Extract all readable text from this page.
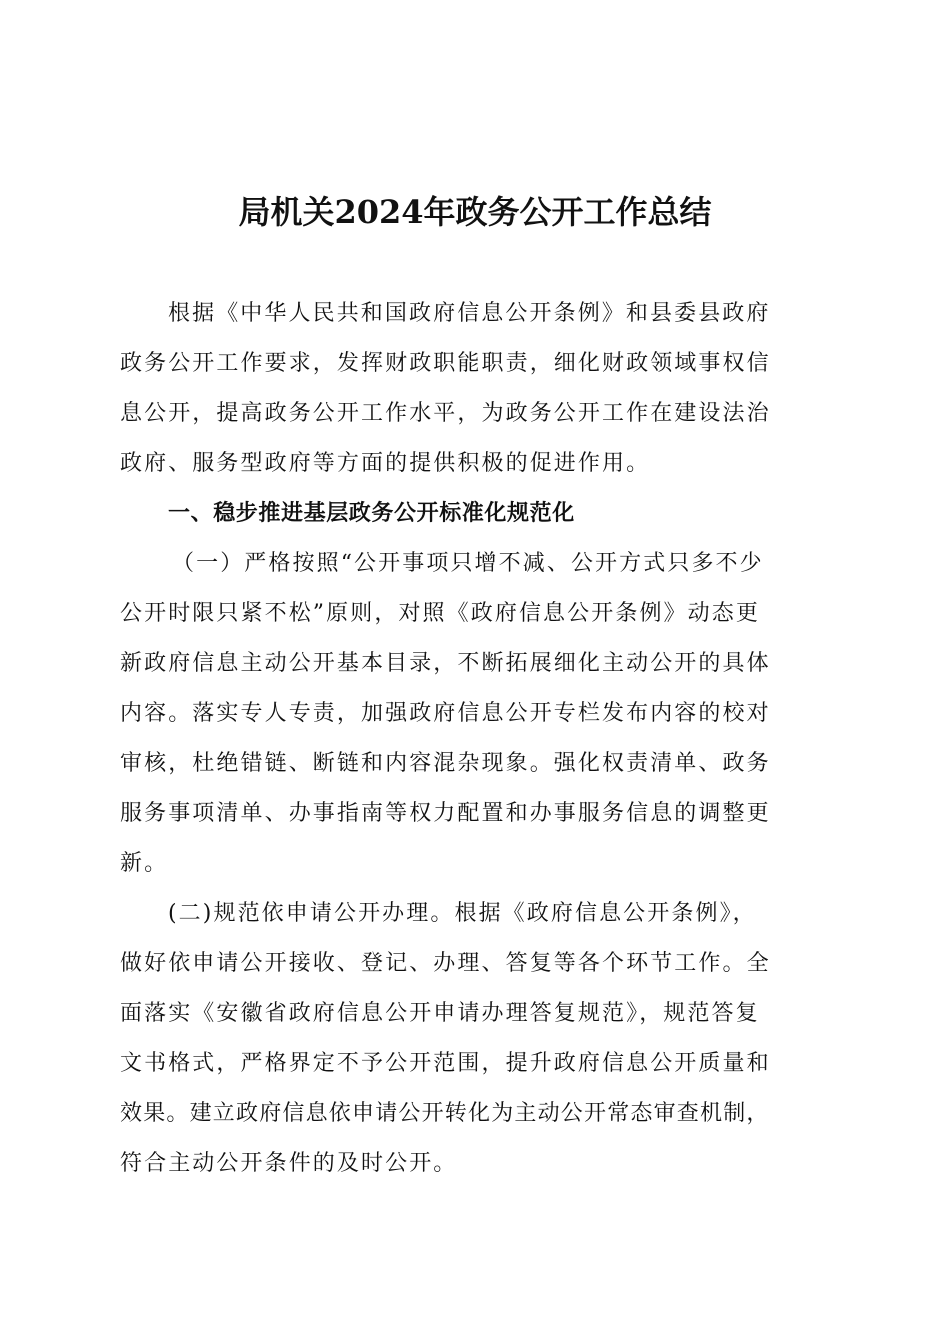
局机关2024年政务公开工作总结
根据《中华人民共和国政府信息公开条例》和县委县政府
政务公开工作要求，发挥财政职能职责，细化财政领域事权信
息公开，提高政务公开工作水平，为政务公开工作在建设法治
政府、服务型政府等方面的提供积极的促进作用。
一、稳步推进基层政务公开标准化规范化
（一）严格按照“公开事项只增不减、公开方式只多不少
公开时限只紧不松”原则，对照《政府信息公开条例》动态更
新政府信息主动公开基本目录，不断拓展细化主动公开的具体
内容。落实专人专责，加强政府信息公开专栏发布内容的校对
审核，杜绝错链、断链和内容混杂现象。强化权责清单、政务
服务事项清单、办事指南等权力配置和办事服务信息的调整更
新。
(二)规范依申请公开办理。根据《政府信息公开条例》，
做好依申请公开接收、登记、办理、答复等各个环节工作。全
面落实《安徽省政府信息公开申请办理答复规范》，规范答复
文书格式，严格界定不予公开范围，提升政府信息公开质量和
效果。建立政府信息依申请公开转化为主动公开常态审查机制，
符合主动公开条件的及时公开。
